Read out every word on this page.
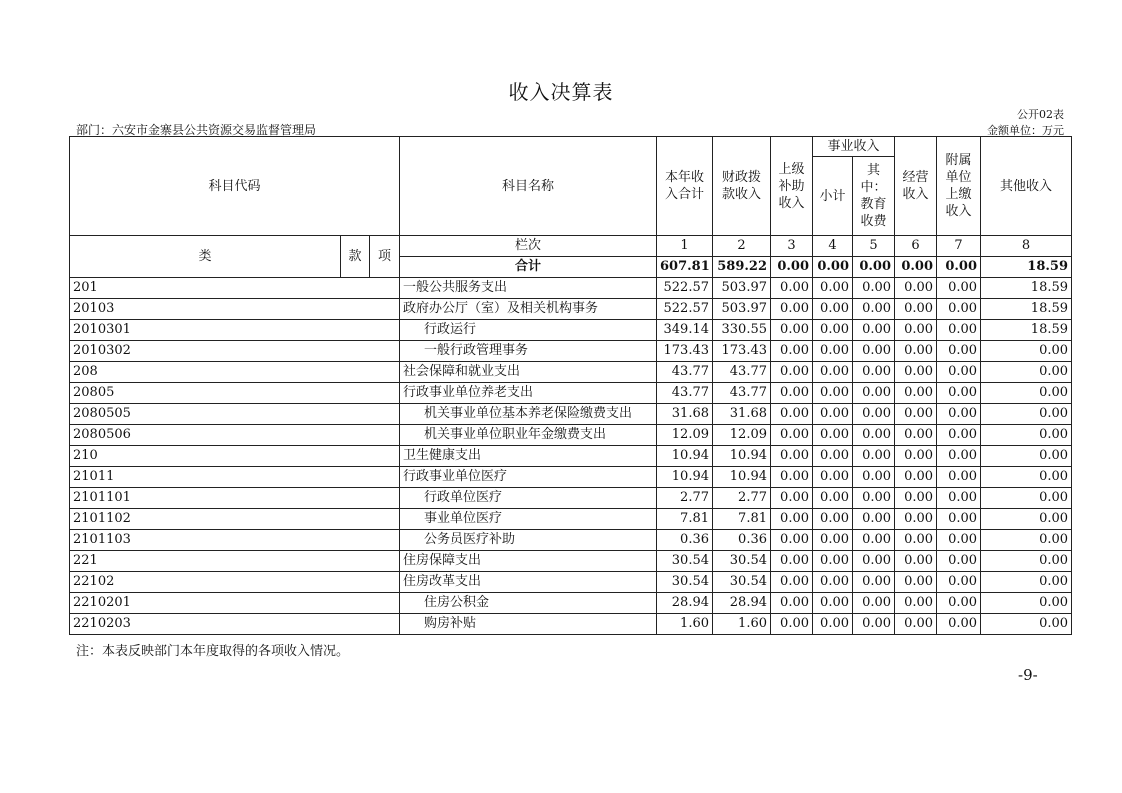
收入决算表
公开02表
部门：六安市金寨县公共资源交易监督管理局	金额单位：万元
科目代码			科目名称	本年收入合计	财政拨款收入	上级补助收入	事业收入		经营收入	附属单位上缴收入	其他收入
							小计	其中：教育收费			
类	款	项	栏次	1	2	3	4	5	6	7	8
			合计	607.81	589.22	0.00	0.00	0.00	0.00	0.00	18.59
201			一般公共服务支出	522.57	503.97	0.00	0.00	0.00	0.00	0.00	18.59
20103			政府办公厅（室）及相关机构事务	522.57	503.97	0.00	0.00	0.00	0.00	0.00	18.59
2010301			行政运行	349.14	330.55	0.00	0.00	0.00	0.00	0.00	18.59
2010302			一般行政管理事务	173.43	173.43	0.00	0.00	0.00	0.00	0.00	0.00
208			社会保障和就业支出	43.77	43.77	0.00	0.00	0.00	0.00	0.00	0.00
20805			行政事业单位养老支出	43.77	43.77	0.00	0.00	0.00	0.00	0.00	0.00
2080505			机关事业单位基本养老保险缴费支出	31.68	31.68	0.00	0.00	0.00	0.00	0.00	0.00
2080506			机关事业单位职业年金缴费支出	12.09	12.09	0.00	0.00	0.00	0.00	0.00	0.00
210			卫生健康支出	10.94	10.94	0.00	0.00	0.00	0.00	0.00	0.00
21011			行政事业单位医疗	10.94	10.94	0.00	0.00	0.00	0.00	0.00	0.00
2101101			行政单位医疗	2.77	2.77	0.00	0.00	0.00	0.00	0.00	0.00
2101102			事业单位医疗	7.81	7.81	0.00	0.00	0.00	0.00	0.00	0.00
2101103			公务员医疗补助	0.36	0.36	0.00	0.00	0.00	0.00	0.00	0.00
221			住房保障支出	30.54	30.54	0.00	0.00	0.00	0.00	0.00	0.00
22102			住房改革支出	30.54	30.54	0.00	0.00	0.00	0.00	0.00	0.00
2210201			住房公积金	28.94	28.94	0.00	0.00	0.00	0.00	0.00	0.00
2210203			购房补贴	1.60	1.60	0.00	0.00	0.00	0.00	0.00	0.00
注：本表反映部门本年度取得的各项收入情况。
-9-
